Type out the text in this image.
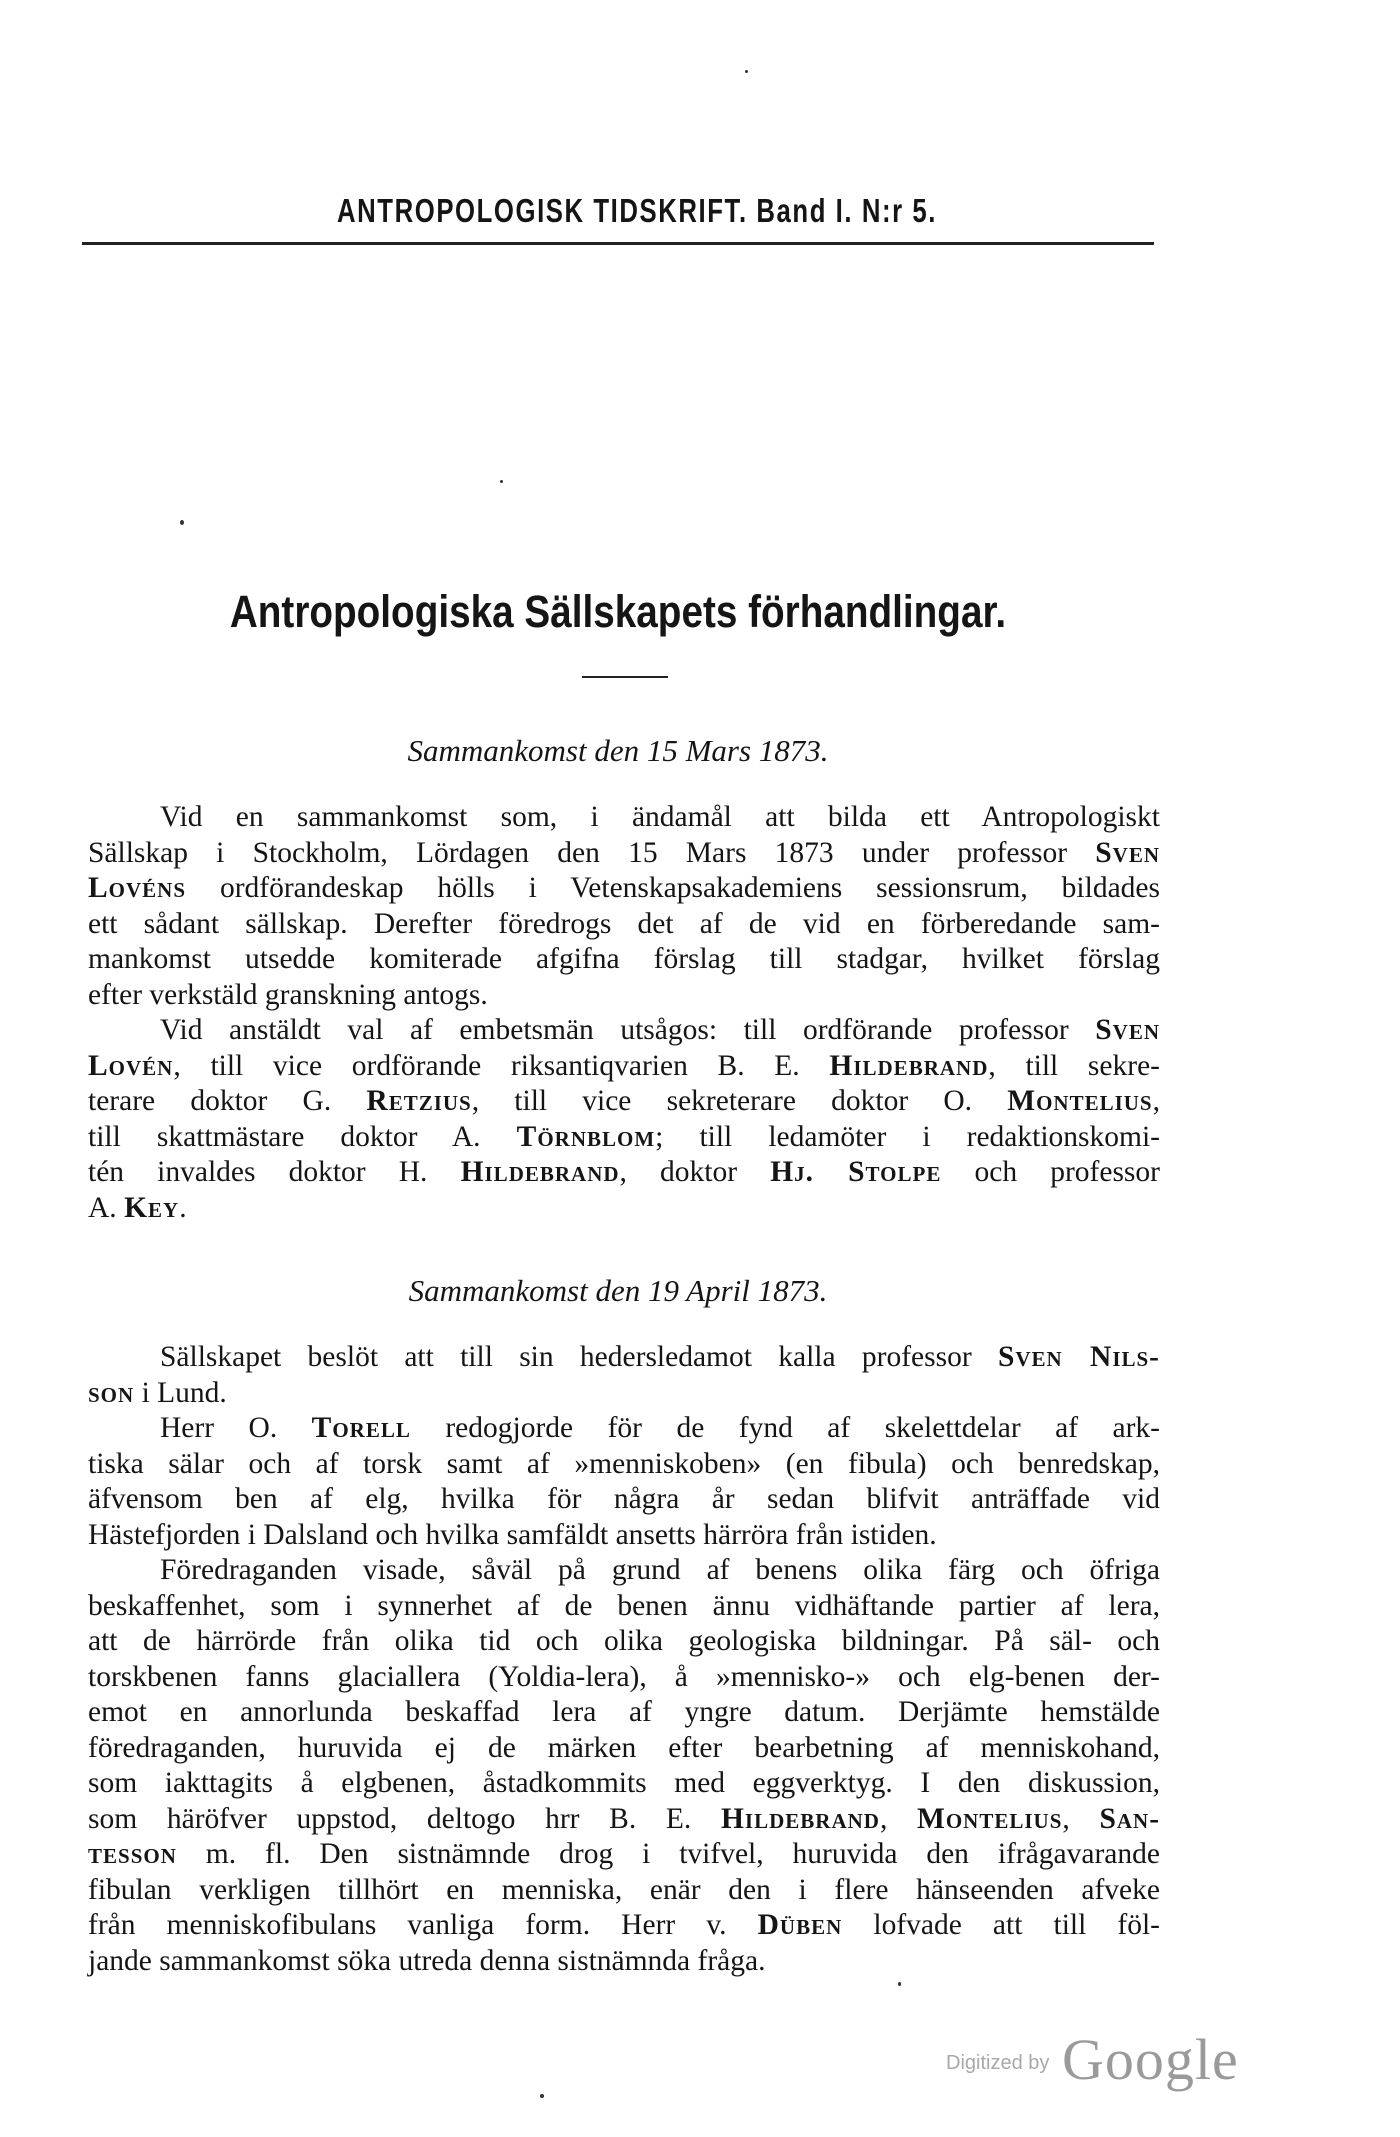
ANTROPOLOGISK TIDSKRIFT. Band I. N:r 5.
Antropologiska Sällskapets förhandlingar.
Sammankomst den 15 Mars 1873.
Vid en sammankomst som, i ändamål att bilda ett Antropologiskt
Sällskap i Stockholm, Lördagen den 15 Mars 1873 under professor Sven
Lovéns ordförandeskap hölls i Vetenskapsakademiens sessionsrum, bildades
ett sådant sällskap. Derefter föredrogs det af de vid en förberedande sam-
mankomst utsedde komiterade afgifna förslag till stadgar, hvilket förslag
efter verkstäld granskning antogs.
Vid anstäldt val af embetsmän utsågos: till ordförande professor Sven
Lovén, till vice ordförande riksantiqvarien B. E. Hildebrand, till sekre-
terare doktor G. Retzius, till vice sekreterare doktor O. Montelius,
till skattmästare doktor A. Törnblom; till ledamöter i redaktionskomi-
tén invaldes doktor H. Hildebrand, doktor Hj. Stolpe och professor
A. Key.
Sammankomst den 19 April 1873.
Sällskapet beslöt att till sin hedersledamot kalla professor Sven Nils-
son i Lund.
Herr O. Torell redogjorde för de fynd af skelettdelar af ark-
tiska sälar och af torsk samt af »menniskoben» (en fibula) och benredskap,
äfvensom ben af elg, hvilka för några år sedan blifvit anträffade vid
Hästefjorden i Dalsland och hvilka samfäldt ansetts härröra från istiden.
Föredraganden visade, såväl på grund af benens olika färg och öfriga
beskaffenhet, som i synnerhet af de benen ännu vidhäftande partier af lera,
att de härrörde från olika tid och olika geologiska bildningar. På säl- och
torskbenen fanns glaciallera (Yoldia-lera), å »mennisko-» och elg-benen der-
emot en annorlunda beskaffad lera af yngre datum. Derjämte hemstälde
föredraganden, huruvida ej de märken efter bearbetning af menniskohand,
som iakttagits å elgbenen, åstadkommits med eggverktyg. I den diskussion,
som häröfver uppstod, deltogo hrr B. E. Hildebrand, Montelius, San-
tesson m. fl. Den sistnämnde drog i tvifvel, huruvida den ifrågavarande
fibulan verkligen tillhört en menniska, enär den i flere hänseenden afveke
från menniskofibulans vanliga form. Herr v. Düben lofvade att till föl-
jande sammankomst söka utreda denna sistnämnda fråga.
Digitized by Google
